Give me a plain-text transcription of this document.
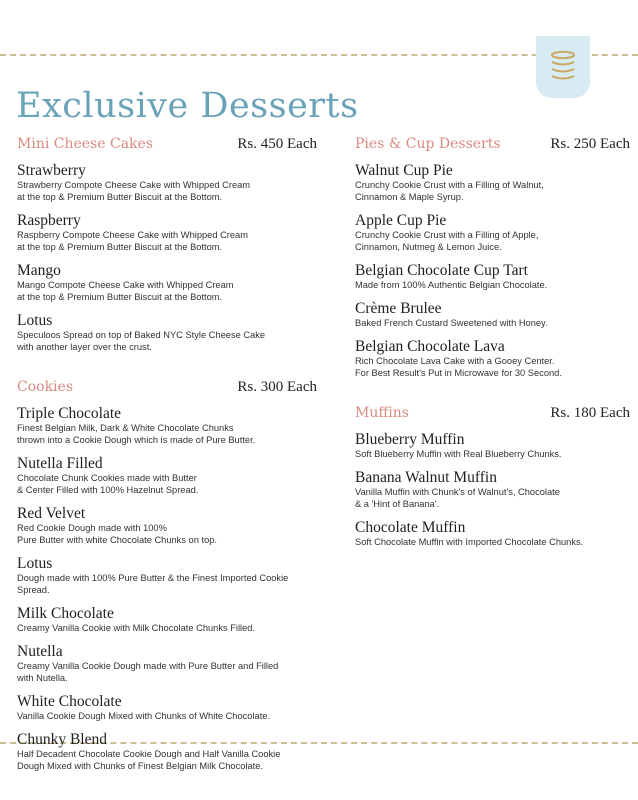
Exclusive Desserts
Mini Cheese Cakes	Rs. 450 Each
Strawberry
Strawberry Compote Cheese Cake with Whipped Cream
at the top & Premium Butter Biscuit at the Bottom.
Raspberry
Raspberry Compote Cheese Cake with Whipped Cream
at the top & Premium Butter Biscuit at the Bottom.
Mango
Mango Compote Cheese Cake with Whipped Cream
at the top & Premium Butter Biscuit at the Bottom.
Lotus
Speculoos Spread on top of Baked NYC Style Cheese Cake
with another layer over the crust.
Cookies	Rs. 300 Each
Triple Chocolate
Finest Belgian Milk, Dark & White Chocolate Chunks
thrown into a Cookie Dough which is made of Pure Butter.
Nutella Filled
Chocolate Chunk Cookies made with Butter
& Center Filled with 100% Hazelnut Spread.
Red Velvet
Red Cookie Dough made with 100%
Pure Butter with white Chocolate Chunks on top.
Lotus
Dough made with 100% Pure Butter & the Finest Imported Cookie Spread.
Milk Chocolate
Creamy Vanilla Cookie with Milk Chocolate Chunks Filled.
Nutella
Creamy Vanilla Cookie Dough made with Pure Butter and Filled
with Nutella.
White Chocolate
Vanilla Cookie Dough Mixed with Chunks of White Chocolate.
Chunky Blend
Half Decadent Chocolate Cookie Dough and Half Vanilla Cookie
Dough Mixed with Chunks of Finest Belgian Milk Chocolate.
Pies & Cup Desserts	Rs. 250 Each
Walnut Cup Pie
Crunchy Cookie Crust with a Filling of Walnut,
Cinnamon & Maple Syrup.
Apple Cup Pie
Crunchy Cookie Crust with a Filling of Apple,
Cinnamon, Nutmeg & Lemon Juice.
Belgian Chocolate Cup Tart
Made from 100% Authentic Belgian Chocolate.
Crème Brulee
Baked French Custard Sweetened with Honey.
Belgian Chocolate Lava
Rich Chocolate Lava Cake with a Gooey Center.
For Best Result's Put in Microwave for 30 Second.
Muffins	Rs. 180 Each
Blueberry Muffin
Soft Blueberry Muffin with Real Blueberry Chunks.
Banana Walnut Muffin
Vanilla Muffin with Chunk's of Walnut's, Chocolate
& a 'Hint of Banana'.
Chocolate Muffin
Soft Chocolate Muffin with Imported Chocolate Chunks.
